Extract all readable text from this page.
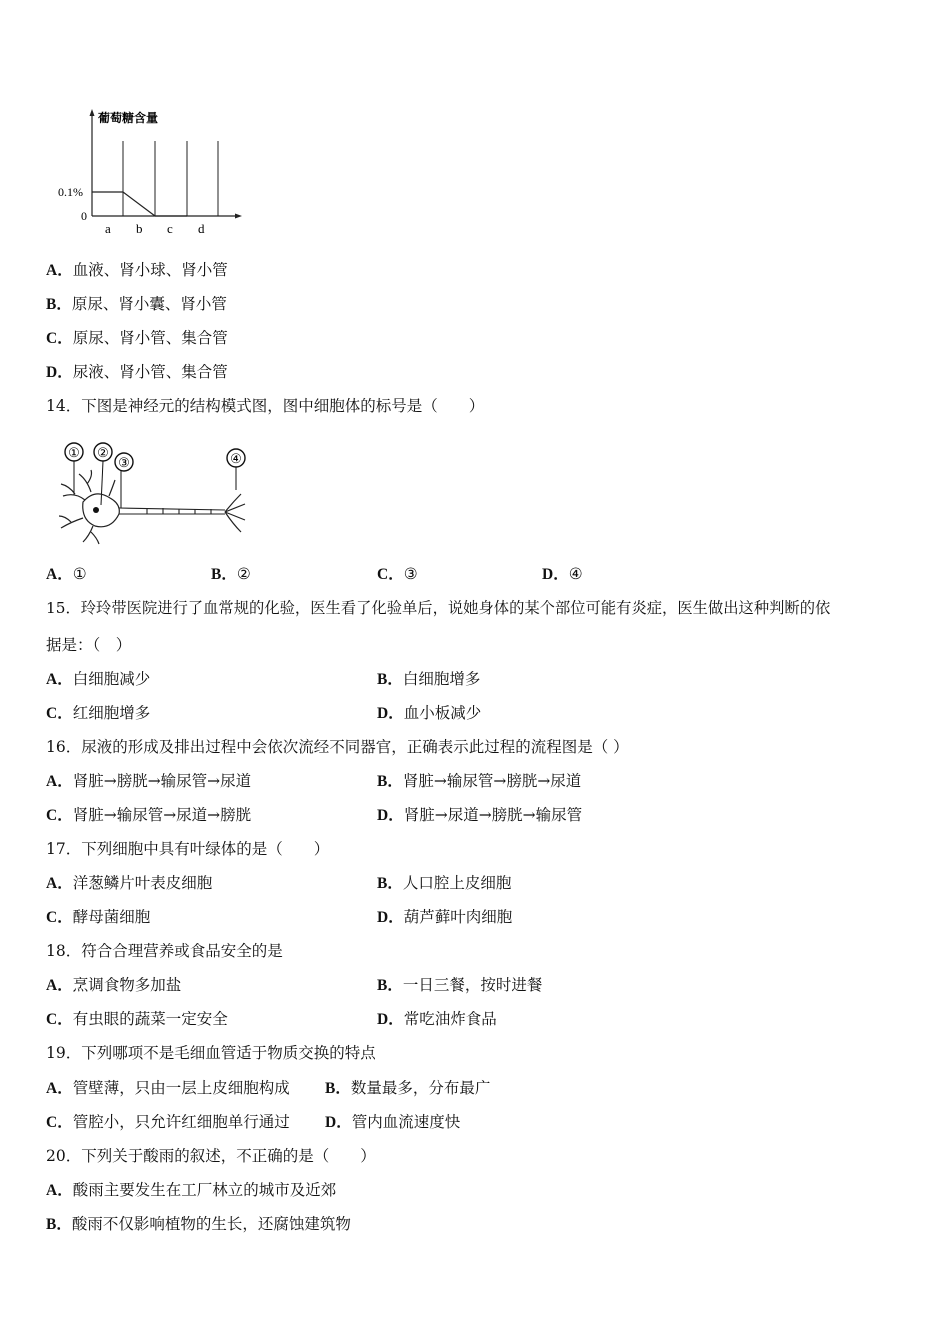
葡萄糖含量
0.1%
0
a b c d
A．血液、肾小球、肾小管
B．原尿、肾小囊、肾小管
C．原尿、肾小管、集合管
D．尿液、肾小管、集合管
14．下图是神经元的结构模式图，图中细胞体的标号是（　　）
① ②
③	④
A．①	B．②	C．③	D．④
15．玲玲带医院进行了血常规的化验，医生看了化验单后，说她身体的某个部位可能有炎症，医生做出这种判断的依
据是：（　）
A．白细胞减少	B．白细胞增多
C．红细胞增多	D．血小板减少
16．尿液的形成及排出过程中会依次流经不同器官，正确表示此过程的流程图是（ ）
A．肾脏→膀胱→输尿管→尿道	B．肾脏→输尿管→膀胱→尿道
C．肾脏→输尿管→尿道→膀胱	D．肾脏→尿道→膀胱→输尿管
17．下列细胞中具有叶绿体的是（　　）
A．洋葱鳞片叶表皮细胞	B．人口腔上皮细胞
C．酵母菌细胞	D．葫芦藓叶肉细胞
18．符合合理营养或食品安全的是
A．烹调食物多加盐	B．一日三餐，按时进餐
C．有虫眼的蔬菜一定安全	D．常吃油炸食品
19．下列哪项不是毛细血管适于物质交换的特点
A．管壁薄，只由一层上皮细胞构成 B．数量最多，分布最广
C．管腔小，只允许红细胞单行通过 D．管内血流速度快
20．下列关于酸雨的叙述，不正确的是（　　）
A．酸雨主要发生在工厂林立的城市及近郊
B．酸雨不仅影响植物的生长，还腐蚀建筑物
